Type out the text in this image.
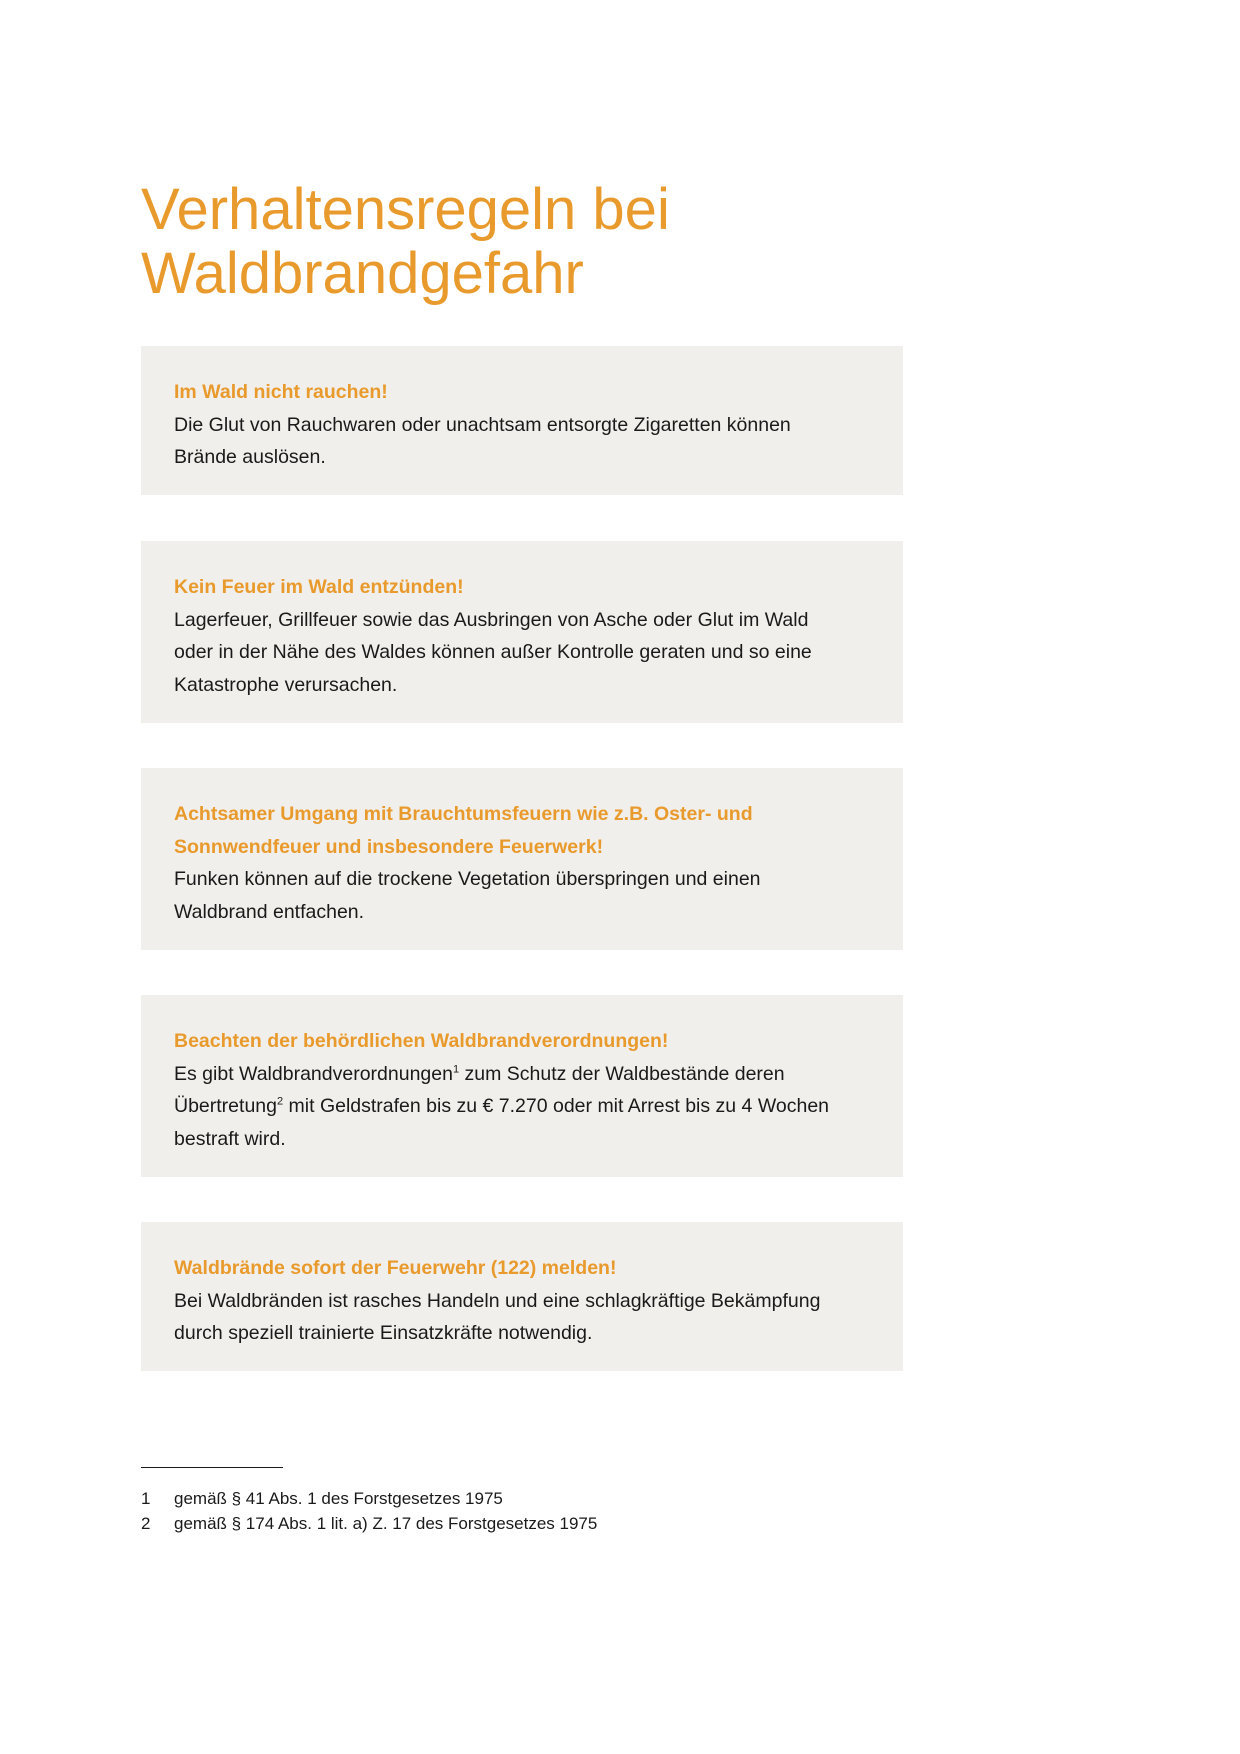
Verhaltensregeln bei
Waldbrandgefahr

Im Wald nicht rauchen!

Die Glut von Rauchwaren oder unachtsam entsorgte Zigaretten können
Brände auslösen.

Kein Feuer im Wald entzünden!

Lagerfeuer, Grillfeuer sowie das Ausbringen von Asche oder Glut im Wald
oder in der Nähe des Waldes können außer Kontrolle geraten und so eine
Katastrophe verursachen.

Achtsamer Umgang mit Brauchtumsfeuern wie z.B. Oster- und
Sonnwendfeuer und insbesondere Feuerwerk!

Funken können auf die trockene Vegetation überspringen und einen
Waldbrand entfachen.

Beachten der behördlichen Waldbrandverordnungen!

Es gibt Waldbrandverordnungen$^1$ zum Schutz der Waldbestände deren
Übertretung$^2$ mit Geldstrafen bis zu € 7.270 oder mit Arrest bis zu 4 Wochen
bestraft wird.

Waldbrände sofort der Feuerwehr (122) melden!

Bei Waldbränden ist rasches Handeln und eine schlagkräftige Bekämpfung
durch speziell trainierte Einsatzkräfte notwendig.

1	gemäß § 41 Abs. 1 des Forstgesetzes 1975
2	gemäß § 174 Abs. 1 lit. a) Z. 17 des Forstgesetzes 1975
